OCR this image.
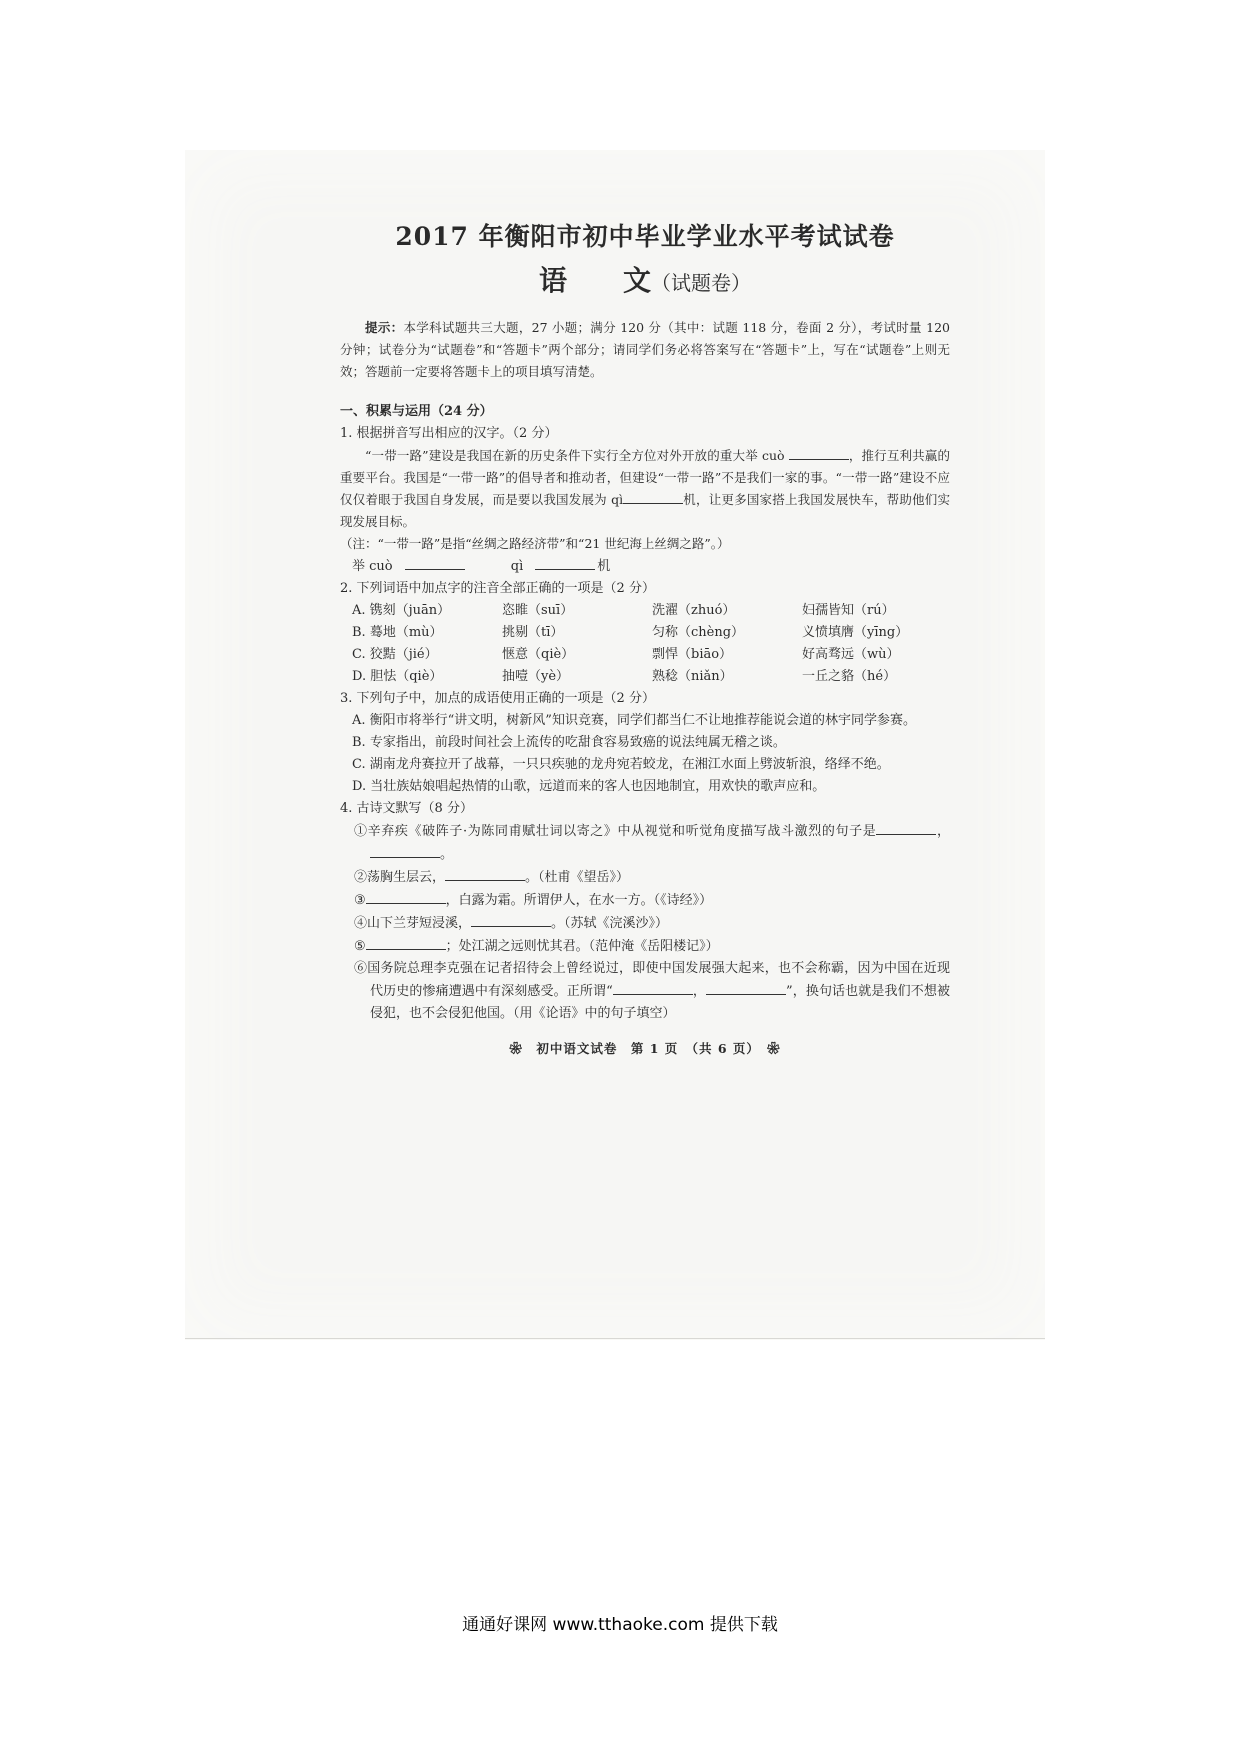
2017 年衡阳市初中毕业学业水平考试试卷
语　　文（试题卷）
提示：本学科试题共三大题，27 小题；满分 120 分（其中：试题 118 分，卷面 2 分），考试时量 120 分钟；试卷分为“试题卷”和“答题卡”两个部分；请同学们务必将答案写在“答题卡”上，写在“试题卷”上则无效；答题前一定要将答题卡上的项目填写清楚。
一、积累与运用（24 分）
1. 根据拼音写出相应的汉字。（2 分）
“一带一路”建设是我国在新的历史条件下实行全方位对外开放的重大举 cuò	，推行互利共赢的重要平台。我国是“一带一路”的倡导者和推动者，但建设“一带一路”不是我们一家的事。“一带一路”建设不应仅仅着眼于我国自身发展，而是要以我国发展为 qì	机，让更多国家搭上我国发展快车，帮助他们实现发展目标。
（注：“一带一路”是指“丝绸之路经济带”和“21 世纪海上丝绸之路”。）
举 cuò	qì	机
2. 下列词语中加点字的注音全部正确的一项是（2 分）
A. 镌刻（juān）	恣睢（suī）	洗濯（zhuó）	妇孺皆知（rú）
B. 蓦地（mù）	挑剔（tī）	匀称（chèng）	义愤填膺（yīng）
C. 狡黠（jié）	惬意（qiè）	剽悍（biāo）	好高骛远（wù）
D. 胆怯（qiè）	抽噎（yè）	熟稔（niǎn）	一丘之貉（hé）
3. 下列句子中，加点的成语使用正确的一项是（2 分）
A. 衡阳市将举行“讲文明，树新风”知识竞赛，同学们都当仁不让地推荐能说会道的林宇同学参赛。
B. 专家指出，前段时间社会上流传的吃甜食容易致癌的说法纯属无稽之谈。
C. 湖南龙舟赛拉开了战幕，一只只疾驰的龙舟宛若蛟龙，在湘江水面上劈波斩浪，络绎不绝。
D. 当壮族姑娘唱起热情的山歌，远道而来的客人也因地制宜，用欢快的歌声应和。
4. 古诗文默写（8 分）
①辛弃疾《破阵子·为陈同甫赋壮词以寄之》中从视觉和听觉角度描写战斗激烈的句子是	，。
②荡胸生层云，	。（杜甫《望岳》）
③	，白露为霜。所谓伊人，在水一方。（《诗经》）
④山下兰芽短浸溪，	。（苏轼《浣溪沙》）
⑤	；处江湖之远则忧其君。（范仲淹《岳阳楼记》）
⑥国务院总理李克强在记者招待会上曾经说过，即使中国发展强大起来，也不会称霸，因为中国在近现代历史的惨痛遭遇中有深刻感受。正所谓“	，	”，换句话也就是我们不想被侵犯，也不会侵犯他国。（用《论语》中的句子填空）
❀　初中语文试卷　第 1 页　（共 6 页）　❀
通通好课网 www.tthaoke.com 提供下载
